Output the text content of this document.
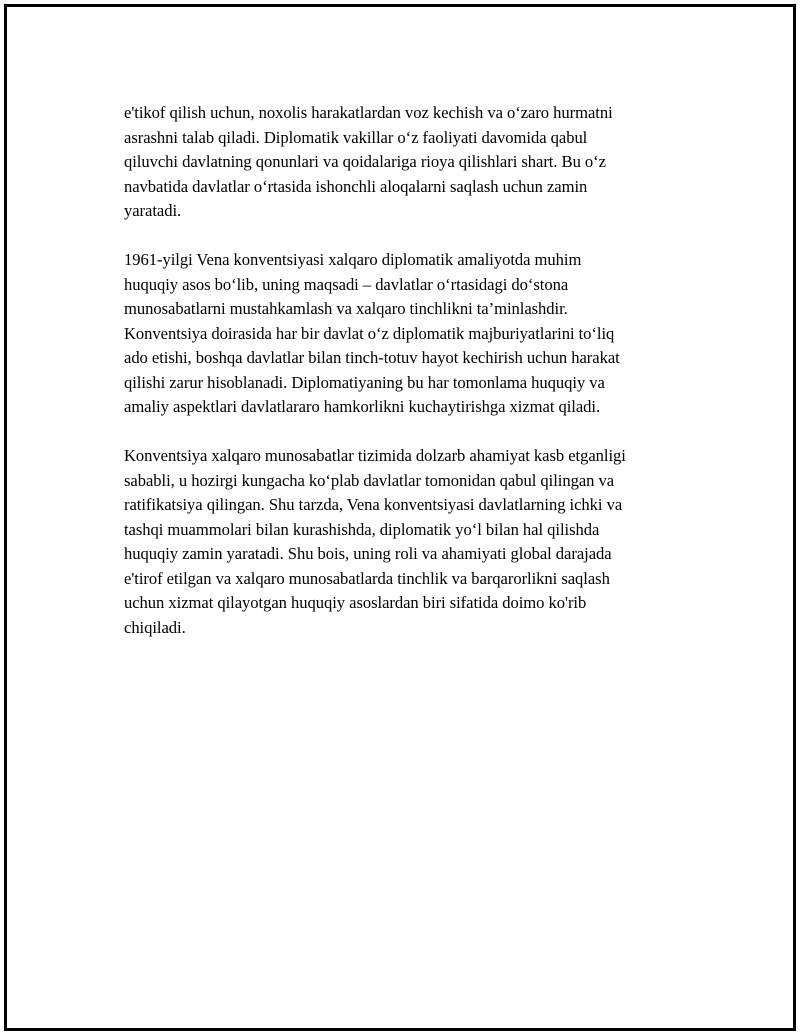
e'tikof qilish uchun, noxolis harakatlardan voz kechish va o‘zaro hurmatni
asrashni talab qiladi. Diplomatik vakillar o‘z faoliyati davomida qabul
qiluvchi davlatning qonunlari va qoidalariga rioya qilishlari shart. Bu o‘z
navbatida davlatlar o‘rtasida ishonchli aloqalarni saqlash uchun zamin
yaratadi.

1961-yilgi Vena konventsiyasi xalqaro diplomatik amaliyotda muhim
huquqiy asos bo‘lib, uning maqsadi – davlatlar o‘rtasidagi do‘stona
munosabatlarni mustahkamlash va xalqaro tinchlikni ta’minlashdir.
Konventsiya doirasida har bir davlat o‘z diplomatik majburiyatlarini to‘liq
ado etishi, boshqa davlatlar bilan tinch-totuv hayot kechirish uchun harakat
qilishi zarur hisoblanadi. Diplomatiyaning bu har tomonlama huquqiy va
amaliy aspektlari davlatlararo hamkorlikni kuchaytirishga xizmat qiladi.

Konventsiya xalqaro munosabatlar tizimida dolzarb ahamiyat kasb etganligi
sababli, u hozirgi kungacha ko‘plab davlatlar tomonidan qabul qilingan va
ratifikatsiya qilingan. Shu tarzda, Vena konventsiyasi davlatlarning ichki va
tashqi muammolari bilan kurashishda, diplomatik yo‘l bilan hal qilishda
huquqiy zamin yaratadi. Shu bois, uning roli va ahamiyati global darajada
e'tirof etilgan va xalqaro munosabatlarda tinchlik va barqarorlikni saqlash
uchun xizmat qilayotgan huquqiy asoslardan biri sifatida doimo ko'rib
chiqiladi.
